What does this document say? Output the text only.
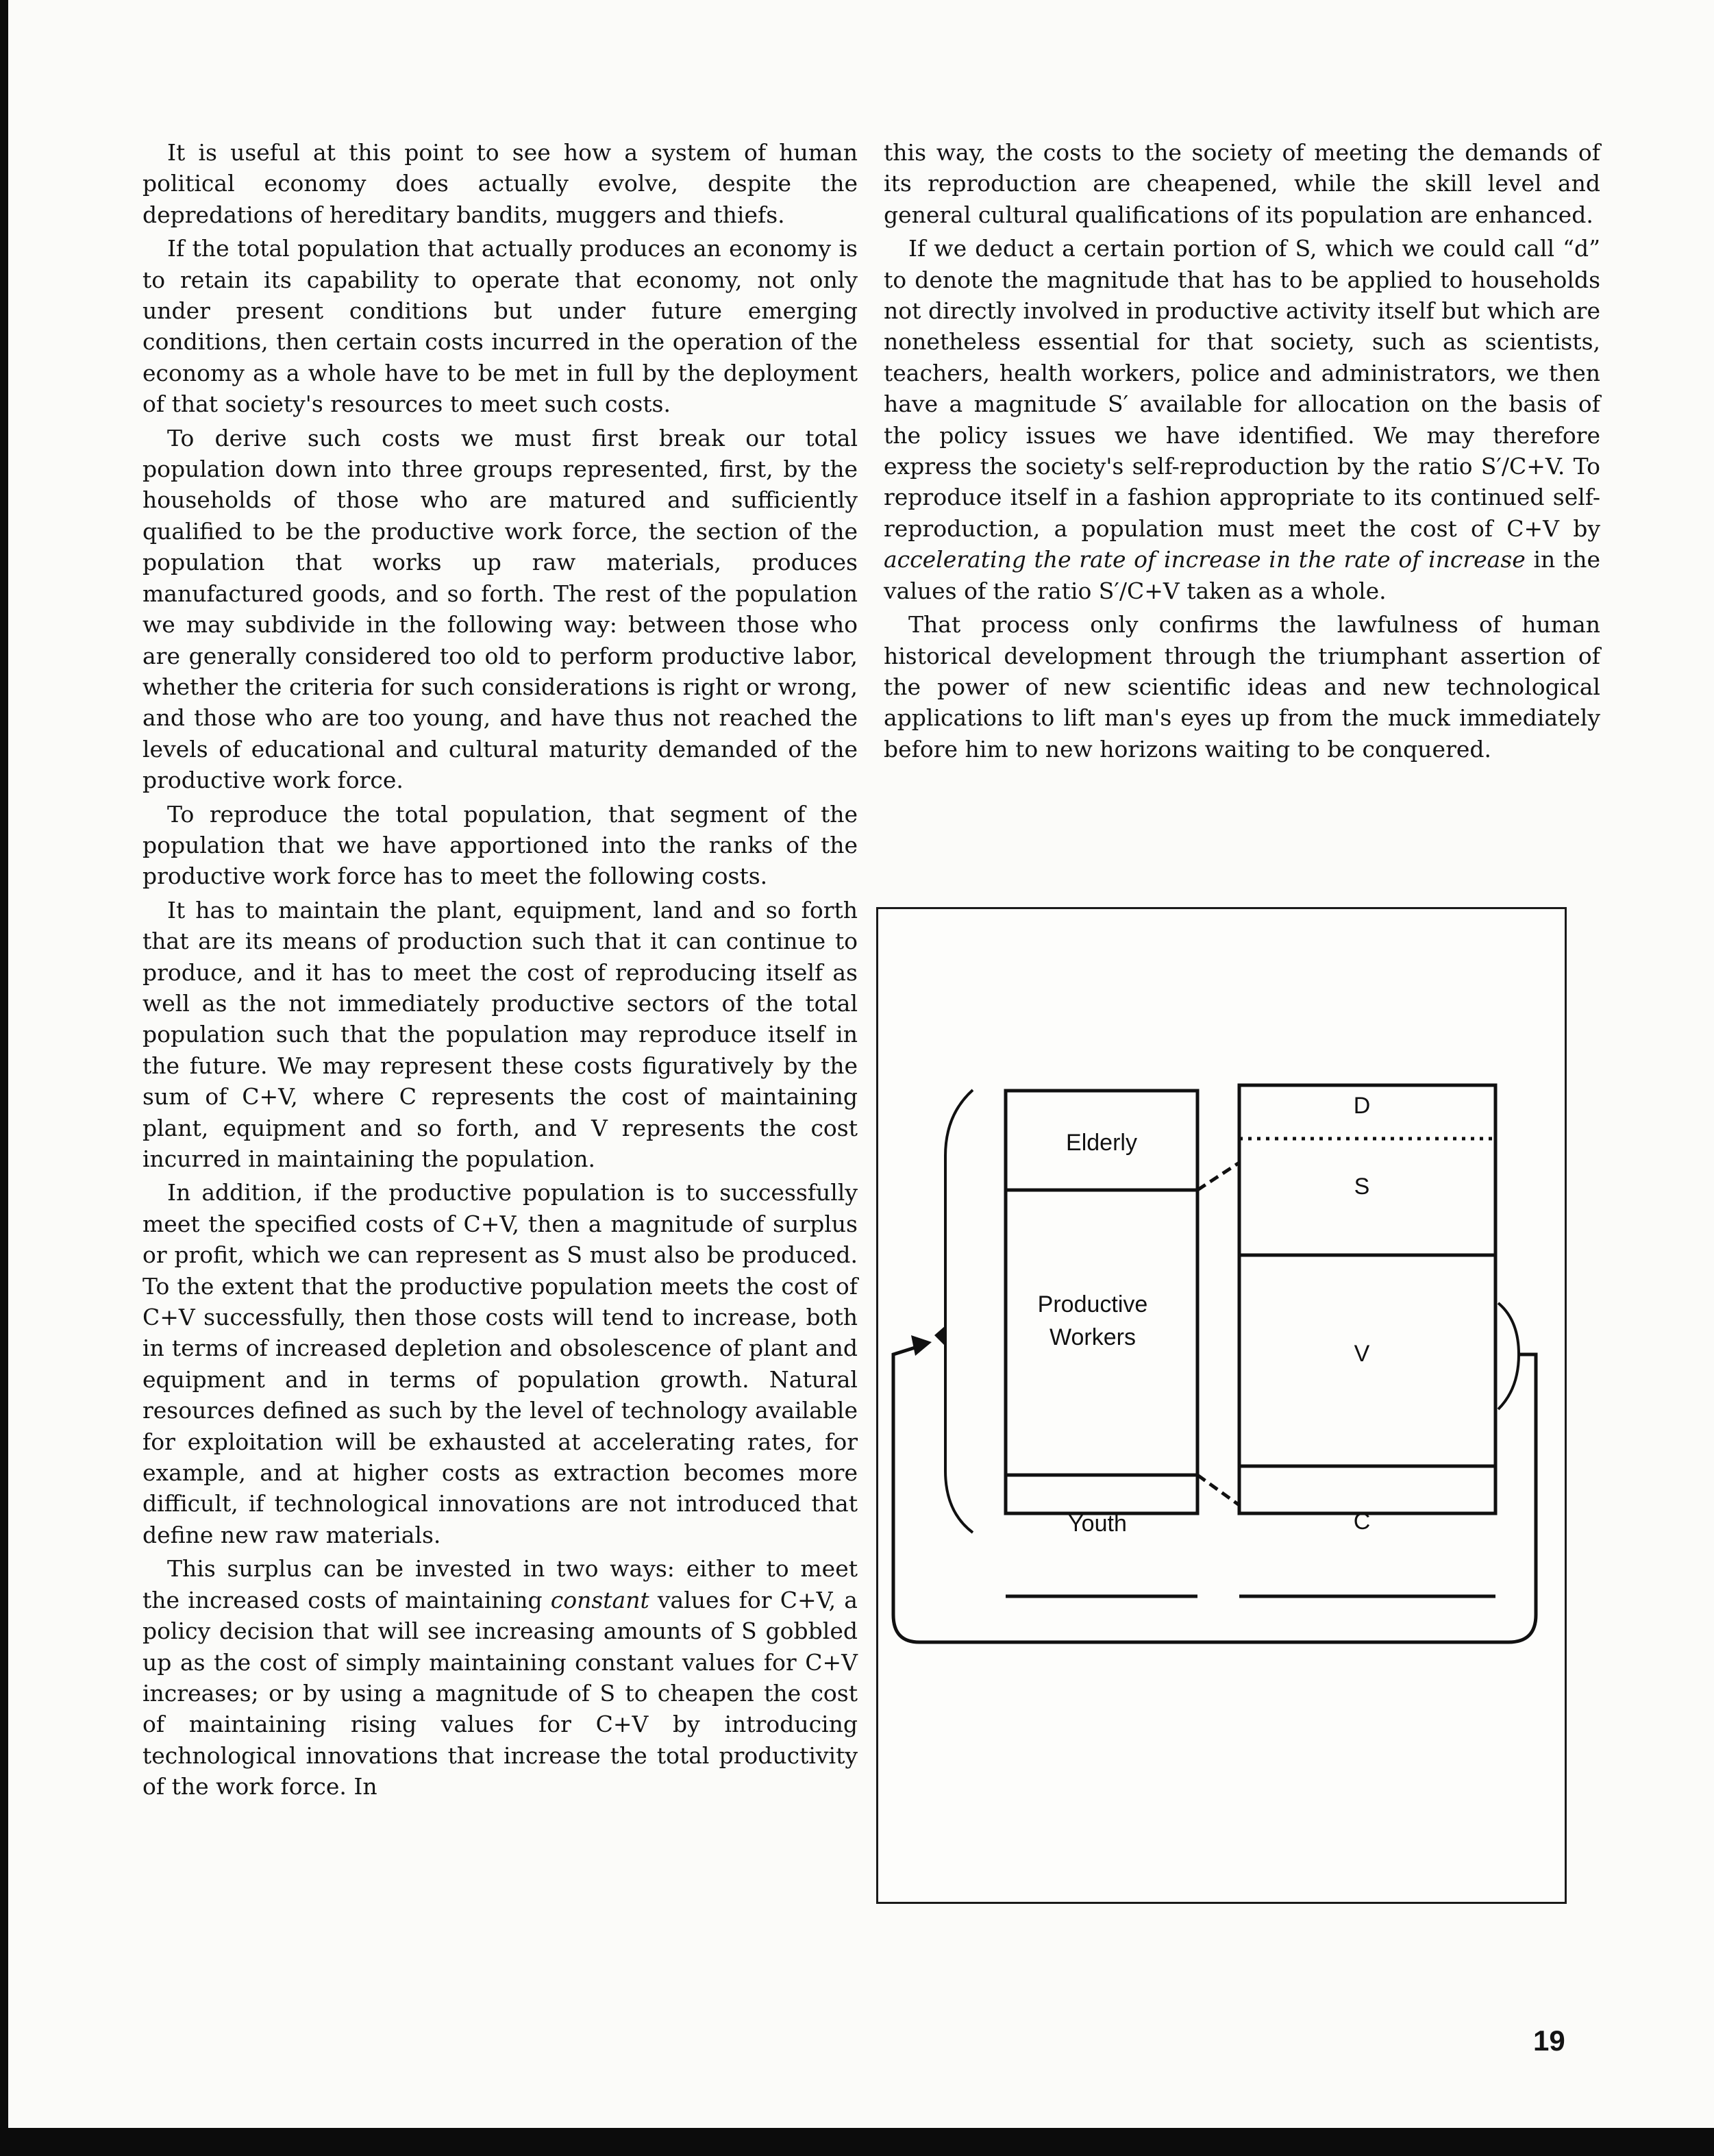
It is useful at this point to see how a system of human political economy does actually evolve, despite the depredations of hereditary bandits, muggers and thiefs.

If the total population that actually produces an economy is to retain its capability to operate that economy, not only under present conditions but under future emerging conditions, then certain costs incurred in the operation of the economy as a whole have to be met in full by the deployment of that society's resources to meet such costs.

To derive such costs we must first break our total population down into three groups represented, first, by the households of those who are matured and sufficiently qualified to be the productive work force, the section of the population that works up raw materials, produces manufactured goods, and so forth. The rest of the population we may subdivide in the following way: between those who are generally considered too old to perform productive labor, whether the criteria for such considerations is right or wrong, and those who are too young, and have thus not reached the levels of educational and cultural maturity demanded of the productive work force.

To reproduce the total population, that segment of the population that we have apportioned into the ranks of the productive work force has to meet the following costs.

It has to maintain the plant, equipment, land and so forth that are its means of production such that it can continue to produce, and it has to meet the cost of reproducing itself as well as the not immediately productive sectors of the total population such that the population may reproduce itself in the future. We may represent these costs figuratively by the sum of C+V, where C represents the cost of maintaining plant, equipment and so forth, and V represents the cost incurred in maintaining the population.

In addition, if the productive population is to successfully meet the specified costs of C+V, then a magnitude of surplus or profit, which we can represent as S must also be produced. To the extent that the productive population meets the cost of C+V successfully, then those costs will tend to increase, both in terms of increased depletion and obsolescence of plant and equipment and in terms of population growth. Natural resources defined as such by the level of technology available for exploitation will be exhausted at accelerating rates, for example, and at higher costs as extraction becomes more difficult, if technological innovations are not introduced that define new raw materials.

This surplus can be invested in two ways: either to meet the increased costs of maintaining constant values for C+V, a policy decision that will see increasing amounts of S gobbled up as the cost of simply maintaining constant values for C+V increases; or by using a magnitude of S to cheapen the cost of maintaining rising values for C+V by introducing technological innovations that increase the total productivity of the work force. In

this way, the costs to the society of meeting the demands of its reproduction are cheapened, while the skill level and general cultural qualifications of its population are enhanced.

If we deduct a certain portion of S, which we could call “d” to denote the magnitude that has to be applied to households not directly involved in productive activity itself but which are nonetheless essential for that society, such as scientists, teachers, health workers, police and administrators, we then have a magnitude S′ available for allocation on the basis of the policy issues we have identified. We may therefore express the society's self-reproduction by the ratio S′/C+V. To reproduce itself in a fashion appropriate to its continued self-reproduction, a population must meet the cost of C+V by accelerating the rate of increase in the rate of increase in the values of the ratio S′/C+V taken as a whole.

That process only confirms the lawfulness of human historical development through the triumphant assertion of the power of new scientific ideas and new technological applications to lift man's eyes up from the muck immediately before him to new horizons waiting to be conquered.

Elderly
Productive
Workers
Youth
D
S
V
C
19
